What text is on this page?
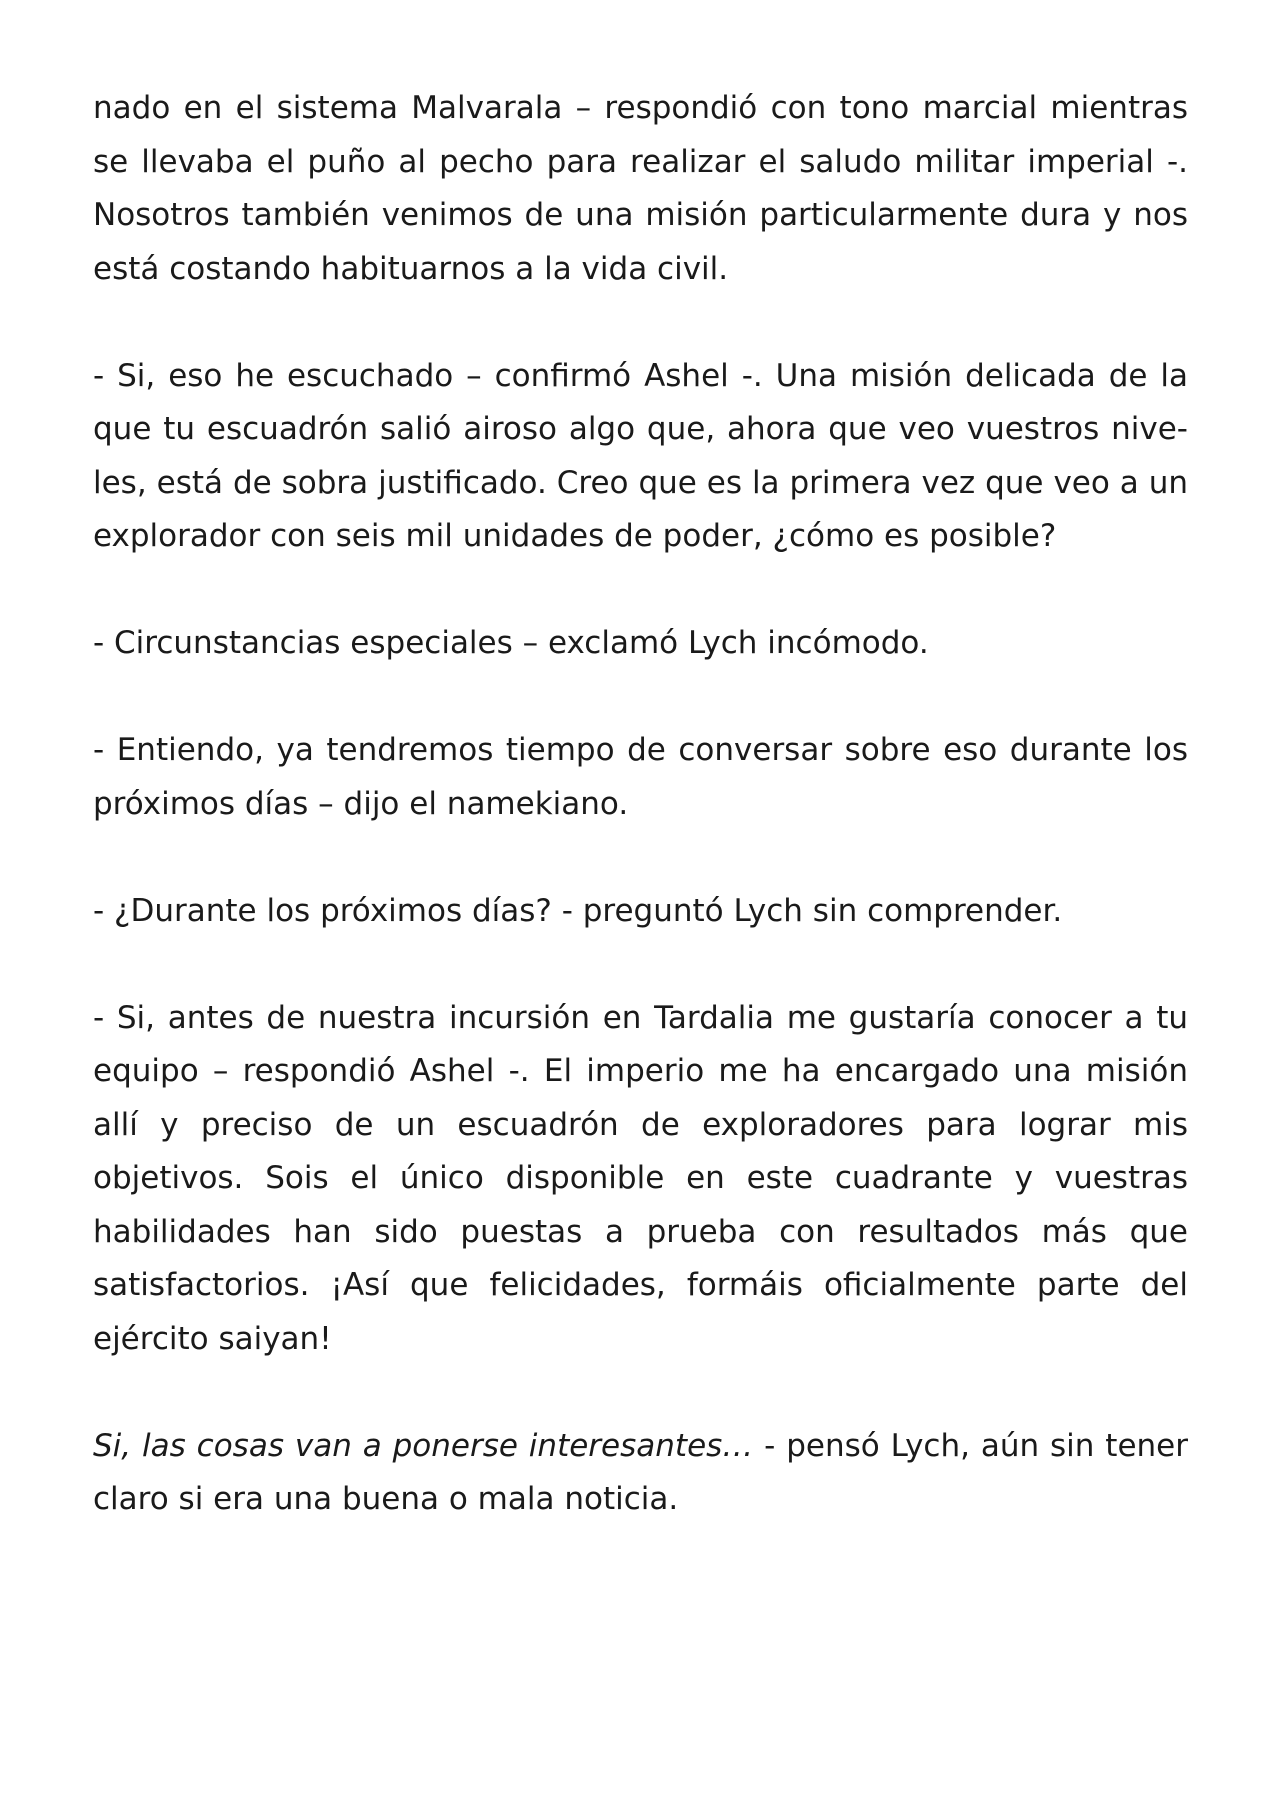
nado en el sistema Malvarala – respondió con tono marcial mientras se llevaba el puño al pecho para realizar el saludo militar imperial -. Nosotros también venimos de una misión particularmente dura y nos está costando habituarnos a la vida civil.

- Si, eso he escuchado – confirmó Ashel -. Una misión delicada de la que tu escuadrón salió airoso algo que, ahora que veo vuestros nive-les, está de sobra justificado. Creo que es la primera vez que veo a un explorador con seis mil unidades de poder, ¿cómo es posible?

- Circunstancias especiales – exclamó Lych incómodo.

- Entiendo, ya tendremos tiempo de conversar sobre eso durante los próximos días – dijo el namekiano.

- ¿Durante los próximos días? - preguntó Lych sin comprender.

- Si, antes de nuestra incursión en Tardalia me gustaría conocer a tu equipo – respondió Ashel -. El imperio me ha encargado una misión allí y preciso de un escuadrón de exploradores para lograr mis objetivos. Sois el único disponible en este cuadrante y vuestras habilidades han sido puestas a prueba con resultados más que satisfactorios. ¡Así que felicidades, formáis oficialmente parte del ejército saiyan!

Si, las cosas van a ponerse interesantes… - pensó Lych, aún sin tener claro si era una buena o mala noticia.
